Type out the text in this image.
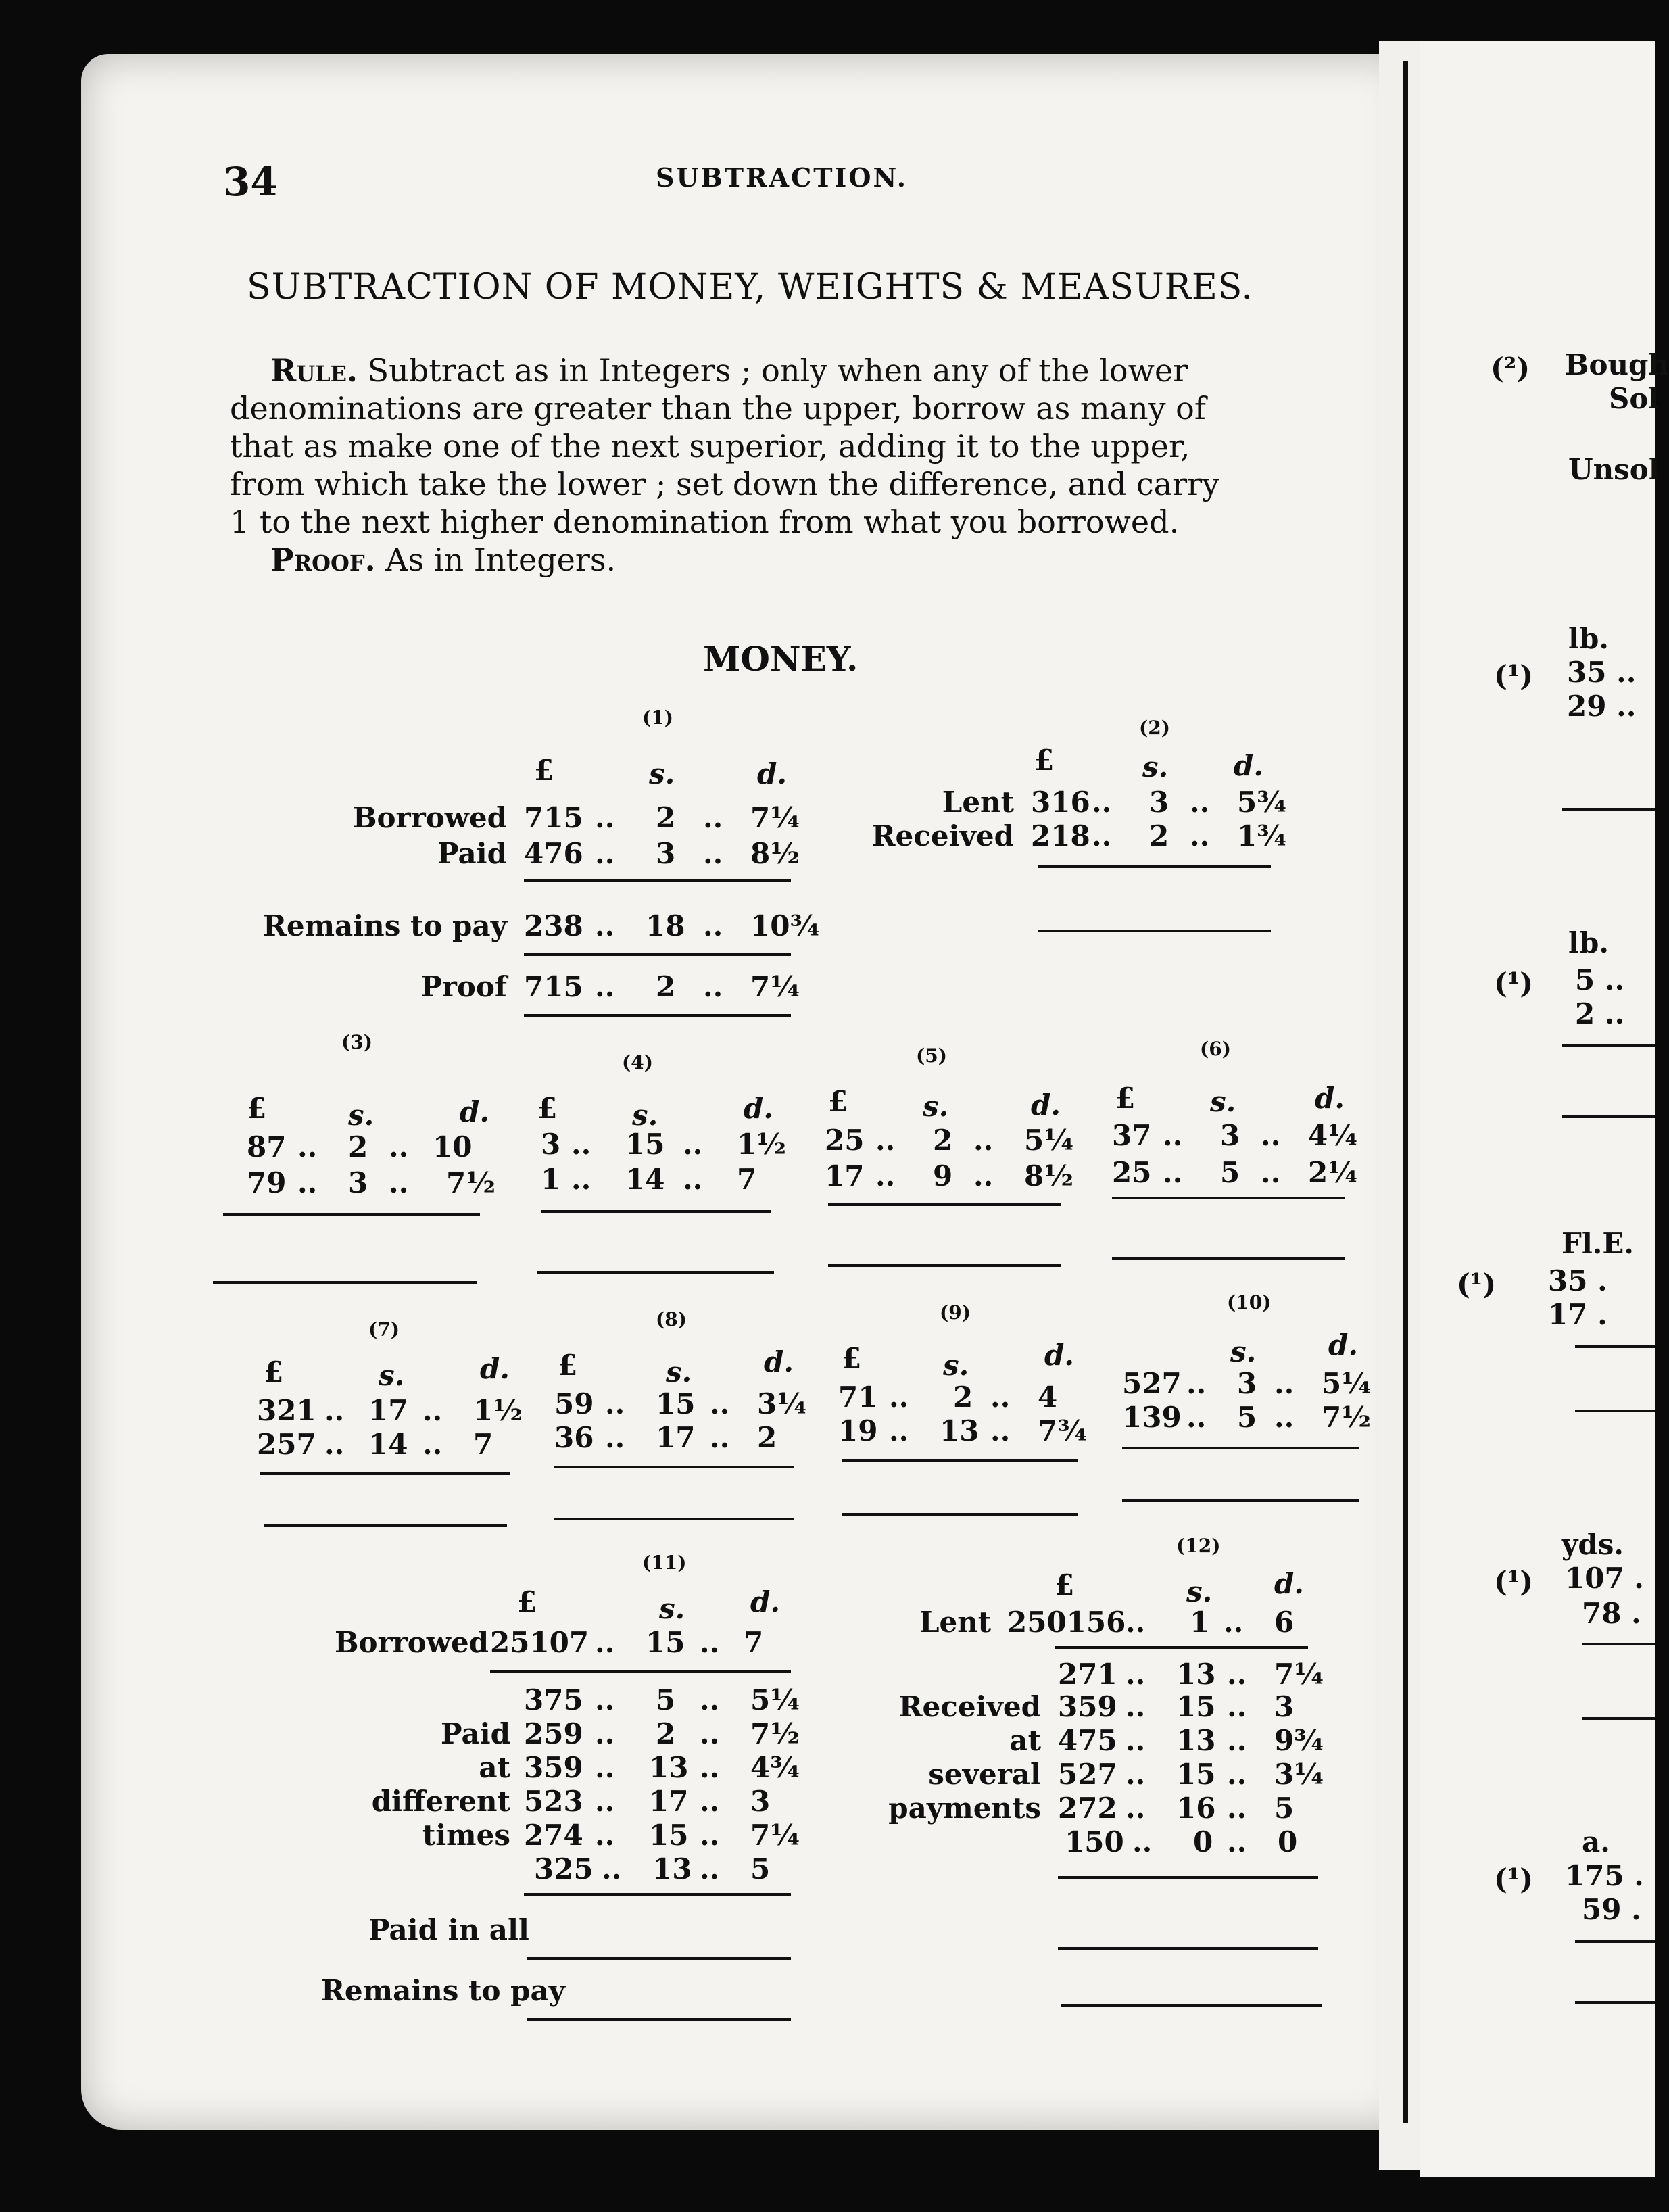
34	SUBTRACTION.
SUBTRACTION OF MONEY, WEIGHTS & MEASURES.
Rule. Subtract as in Integers ; only when any of the lower
denominations are greater than the upper, borrow as many of
that as make one of the next superior, adding it to the upper,
from which take the lower ; set down the difference, and carry
1 to the next higher denomination from what you borrowed.
Proof. As in Integers.
MONEY.
(1)
£	s.	d.
Borrowed 715 .. 2 .. 7¼
Paid 476 .. 3 .. 8½
Remains to pay 238 .. 18 .. 10¾
Proof 715 .. 2 .. 7¼
(2)
£	s. d.
Lent 316 .. 3 .. 5¾
Received 218 .. 2 .. 1¾
(3)
£	s.	d.
87 .. 2 .. 10
79 .. 3 .. 7½
(4)
£	s.	d.
3 .. 15 .. 1½
1 .. 14 .. 7
(5)
£	s.	d.
25 .. 2 .. 5¼
17 .. 9 .. 8½
(6)
£	s.	d.
37 .. 3 .. 4¼
25 .. 5 .. 2¼
(7)
£	s.	d.
321 .. 17 .. 1½
257 .. 14 .. 7
(8)
£	s.	d.
59 .. 15 .. 3¼
36 .. 17 .. 2
(9)
£	s.	d.
71 .. 2 .. 4
19 .. 13 .. 7¾
(10)
s.	d.
527 .. 3 .. 5¼
139 .. 5 .. 7½
(11)
£	s. d.
Borrowed 25107 .. 15 .. 7
375 .. 5 .. 5¼
Paid 259 .. 2 .. 7½
at 359 .. 13 .. 4¾
different 523 .. 17 .. 3
times 274 .. 15 .. 7¼
325 .. 13 .. 5
Paid in all
Remains to pay
(12)
£	s. d.
Lent 250156 .. 1 .. 6
271 .. 13 .. 7¼
Received 359 .. 15 .. 3
at 475 .. 13 .. 9¾
several 527 .. 15 .. 3¼
payments 272 .. 16 .. 5
150 .. 0 .. 0
(²) Bough
Sol
Unsol
lb.
(¹) 35 ..
29 ..
lb.
(¹) 5 ..
2 ..
Fl.E.
(¹) 35 .
17 .
yds.
(¹) 107 .
78 .
a.
(¹) 175 .
59 .
